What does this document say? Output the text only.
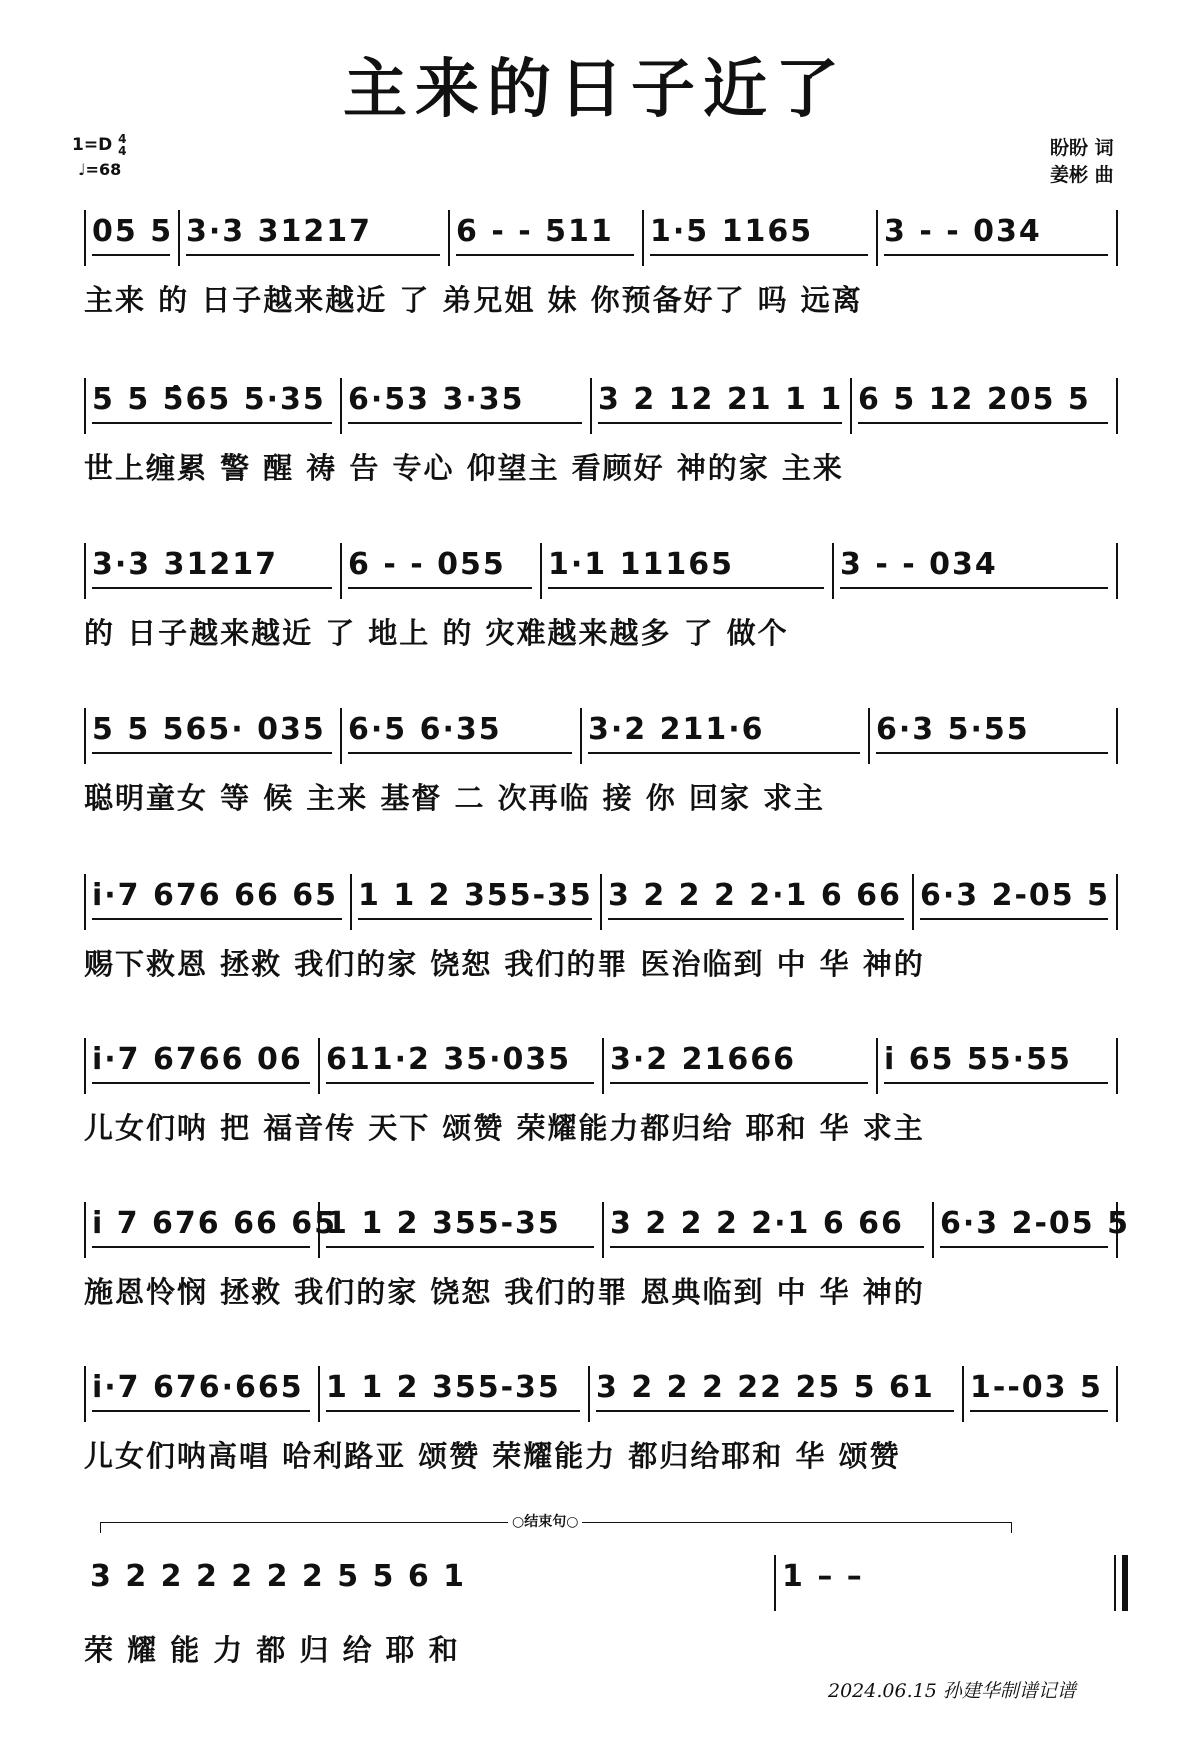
主来的日子近了
1=D 4
4
♩=68
盼盼 词
姜彬 曲
05 5 3·3 31217	6 - - 511	1·5 1165	3 - - 034
主来 的 日子越来越近 了 弟兄姐 妹 你预备好了 吗 远离
5 5 5̂65 5·35 6·53 3·35	3 2 12 21 1 1 6 5 12 205 5
世上缠累 警 醒 祷 告 专心 仰望主 看顾好 神的家 主来
3·3 31217	6 - - 055	1·1 11165	3 - - 034
的 日子越来越近 了 地上 的 灾难越来越多 了 做个
5 5 565· 035 6·5 6·35	3·2 211·6	6·3 5·55
聪明童女 等 候 主来 基督 二 次再临 接 你 回家 求主
i·7 676 66 65 1 1 2 355-35 3 2 2 2 2·1 6 66 6·3 2-05 5
赐下救恩 拯救 我们的家 饶恕 我们的罪 医治临到 中 华 神的
i·7 6766 06 611·2 35·035	3·2 21666	i 65 55·55
儿女们呐 把 福音传 天下 颂赞 荣耀能力都归给 耶和 华 求主
i 7 676 66 65
1 1 2 355-35	3 2 2 2 2·1 6 66	6·3 2-05 5
施恩怜悯 拯救 我们的家 饶恕 我们的罪 恩典临到 中 华 神的
i·7 676·665 1 1 2 355-35	3 2 2 2 22 25 5 61	1--03 5
儿女们呐高唱 哈利路亚 颂赞 荣耀能力 都归给耶和 华 颂赞
○结束句○
3 2 2 2 2 2 2 5 5 6 1	1 – –
荣 耀 能 力 都 归 给 耶 和
2024.06.15 孙建华制谱记谱
